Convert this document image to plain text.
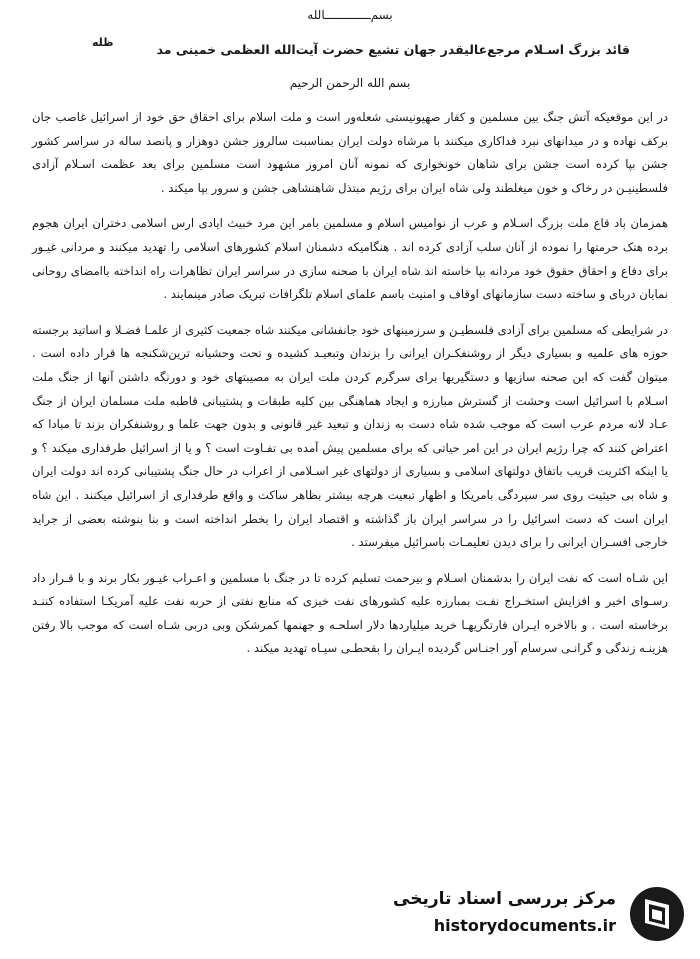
بسم‌ـــــــــــــالله
ظله	قائد بزرگ اسـلام مرجع‌عالیقدر جهان تشیع حضرت آیت‌الله العظمی خمینی مد
بسم الله الرحمن الرحیم

در این موقعیکه آتش جنگ بین مسلمین و کفار صهیونیستی شعله‌ور است و ملت اسلام برای احقاق حق خود از اسرائیل غاصب جان برکف نهاده و در میدانهای نبرد فداکاری میکنند با مرشاه دولت ایران بمناسبت سالروز جشن دوهزار و پانصد ساله در سراسر کشور جشن بپا کرده است جشن برای شاهان خونخواری که نمونه آنان امروز مشهود است مسلمین برای بعد عظمت اسـلام آزادی فلسطینیـن در رخاک و خون میغلطند ولی شاه ایران برای رژیم مبتذل شاهنشاهی جشن و سرور بپا میکند .

همزمان باد قاع ملت بزرگ اسـلام و عرب از نوامیس اسلام و مسلمین بامر این مرد خبیث ایادی ارس اسلامی دختران ایران هجوم برده هتک حرمتها را نموده از آنان سلب آزادی کرده اند . هنگامیکه دشمنان اسلام کشورهای اسلامی را تهدید میکنند و مردانی غیـور برای دفاع و احقاق حقوق خود مردانه بپا خاسته اند شاه ایران با صحنه سازی در سراسر ایران تظاهرات راه انداخته باامضای روحانی نمایان دربای و ساخته دست سازمانهای اوقاف و امنیت باسم علمای اسلام تلگرافات تبریک صادر مینمایند .

در شرایطی که مسلمین برای آزادی فلسطیـن و سرزمینهای خود جانفشانی میکنند شاه جمعیت کثیری از علمـا فضـلا و اساتید برجسته حوزه های علمیه و بسیاری دیگر از روشنفکـران ایرانی را بزندان وتبعیـد کشیده و تحت وحشیانه ترین‌شکنجه ها قرار داده است . میتوان گفت که این صحنه سازیها و دستگیریها برای سرگرم کردن ملت ایران به مصیبتهای خود و دورنگه داشتن آنها از جنگ ملت اسـلام با اسرائیل است وحشت از گسترش مبارزه و ایجاد هماهنگی بین کلیه طبقات و پشتیبانی قاطبه ملت مسلمان ایران از جنگ عـاد لانه مردم عرب است که موجب شده شاه دست به زندان و تبعید غیر قانونی و بدون جهت علما و روشنفکران بزند تا مبادا که اعتراض کنند که چرا رژیم ایران در این امر حیاتی که برای مسلمین پیش آمده بی تفـاوت است ؟ و یا از اسرائیل طرفداری میکند ؟ و یا اینکه اکثریت قریب باتفاق دولتهای اسلامی و بسیاری از دولتهای غیر اسـلامی از اعراب در حال جنگ پشتیبانی کرده اند دولت ایران و شاه بی حیثیت روی سر سپردگی بامریکا و اظهار تبعیت هرچه بیشتر بظاهر ساکت و واقع طرفداری از اسرائیل میکنند . این شاه ایران است که دست اسرائیل را در سراسر ایران باز گذاشته و اقتصاد ایران را بخطر انداخته است و بنا بنوشته بعضی از جراید خارجی افسـران ایرانی را برای دیدن تعلیمـات باسرائیل میفرستد .

این شـاه است که نفت ایران را بدشمنان اسـلام و بیرحمت تسلیم کرده تا در جنگ با مسلمین و اعـراب غیـور بکار برند و با قـرار داد رسـوای اخیر و افزایش استخـراج نفـت بمبارزه علیه کشورهای نفت خیزی که منابع نفتی از حربه نفت علیه آمریکـا استفاده کننـد برخاسته است . و بالاخره ایـران فارتگریهـا خرید میلیاردها دلار اسلحـه و جهنمها کمرشکن وبی دربی شـاه است که موجب بالا رفتن هزینـه زندگی و گرانـی سرسام آور اجنـاس گردیده ایـران را بقحطـی سیـاه تهدید میکند .

مرکز بررسی اسناد تاریخی
historydocuments.ir
